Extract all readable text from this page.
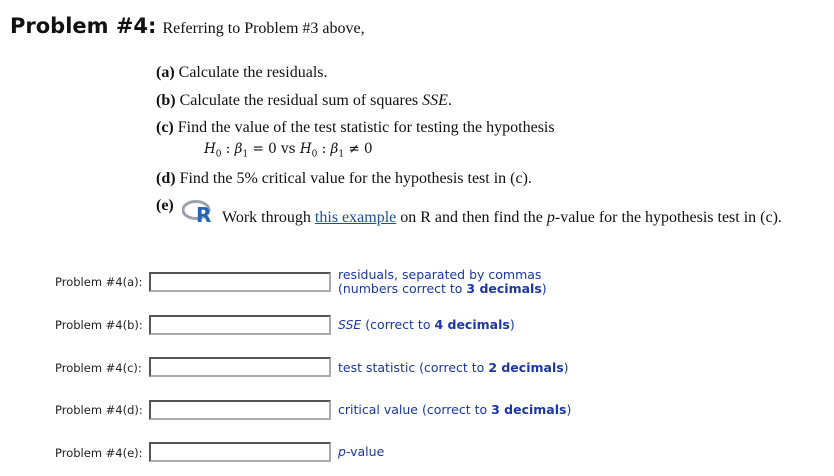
Problem #4: Referring to Problem #3 above,
(a) Calculate the residuals.
(b) Calculate the residual sum of squares SSE.
(c) Find the value of the test statistic for testing the hypothesis
$H_0$ : $\beta_1 = 0$ vs $H_0$ : $\beta_1 \ne 0$
(d) Find the 5% critical value for the hypothesis test in (c).
(e) R Work through this example on R and then find the p-value for the hypothesis test in (c).
Problem #4(a):	residuals, separated by commas
(numbers correct to 3 decimals)
Problem #4(b):	SSE (correct to 4 decimals)
Problem #4(c):	test statistic (correct to 2 decimals)
Problem #4(d):	critical value (correct to 3 decimals)
Problem #4(e):	p-value
